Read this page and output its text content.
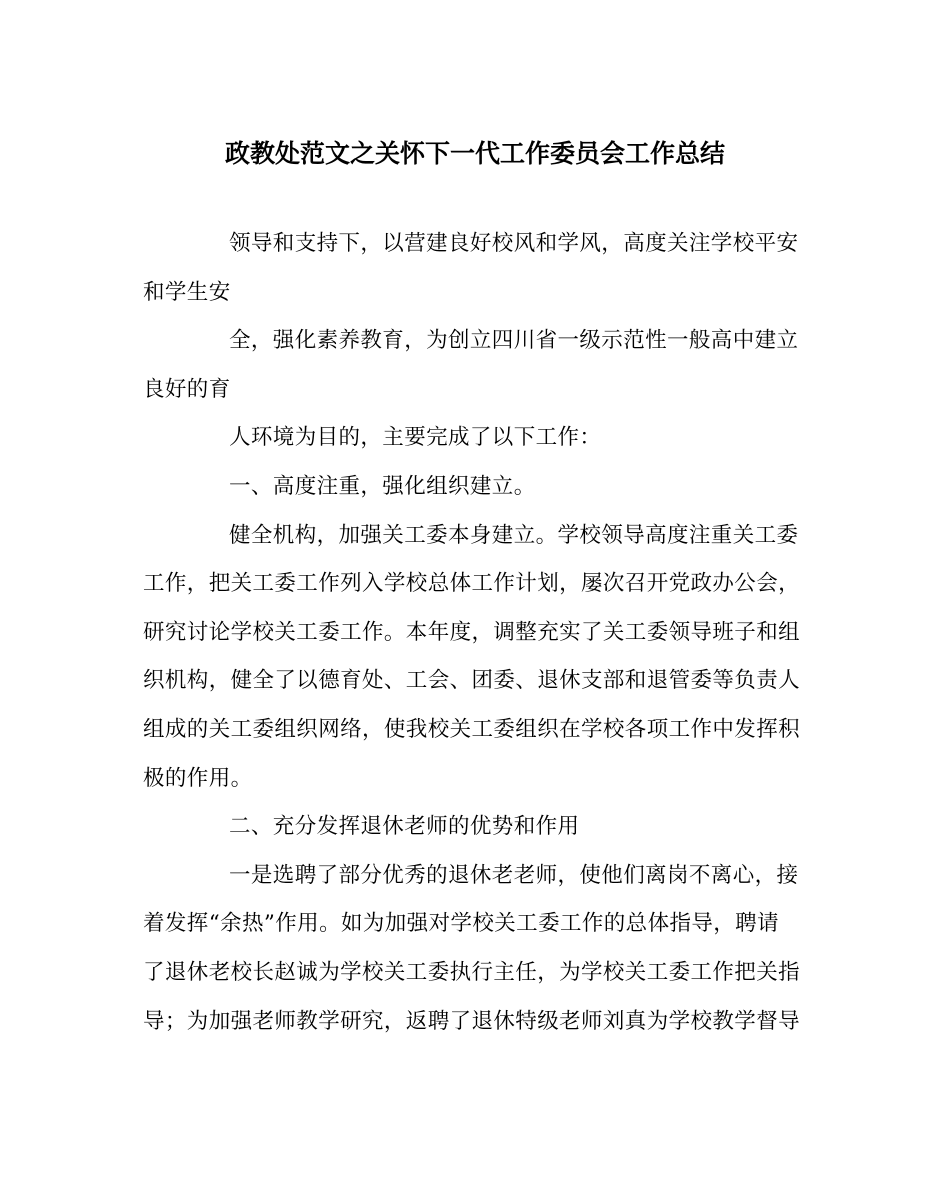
政教处范文之关怀下一代工作委员会工作总结

领导和支持下，以营建良好校风和学风，高度关注学校平安
和学生安

全，强化素养教育，为创立四川省一级示范性一般高中建立
良好的育

人环境为目的，主要完成了以下工作：

一、高度注重，强化组织建立。

健全机构，加强关工委本身建立。学校领导高度注重关工委
工作，把关工委工作列入学校总体工作计划，屡次召开党政办公会，
研究讨论学校关工委工作。本年度，调整充实了关工委领导班子和组
织机构，健全了以德育处、工会、团委、退休支部和退管委等负责人
组成的关工委组织网络，使我校关工委组织在学校各项工作中发挥积
极的作用。

二、充分发挥退休老师的优势和作用

一是选聘了部分优秀的退休老老师，使他们离岗不离心，接
着发挥“余热”作用。如为加强对学校关工委工作的总体指导，聘请
了退休老校长赵诚为学校关工委执行主任，为学校关工委工作把关指
导；为加强老师教学研究，返聘了退休特级老师刘真为学校教学督导
